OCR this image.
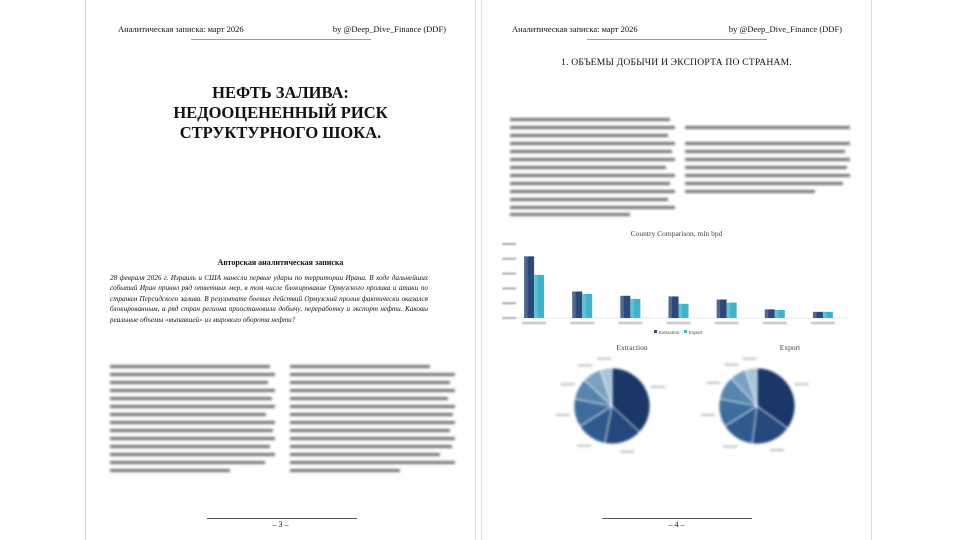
Аналитическая записка: март 2026	by @Deep_Dive_Finance (DDF)
НЕФТЬ ЗАЛИВА:
НЕДООЦЕНЕННЫЙ РИСК
СТРУКТУРНОГО ШОКА.
Авторская аналитическая записка
28 февраля 2026 г. Израиль и США нанесли первые удары по территории Ирана. В ходе дальнейших событий Иран принял ряд ответных мер, в том числе блокирование Ормузского пролива и атаки по странам Персидского залива. В результате боевых действий Ормузский пролив фактически оказался блокированным, а ряд стран региона приостановили добычу, переработку и экспорт нефти. Каковы реальные объемы «выпавшей» из мирового оборота нефти?
– 3 –
Аналитическая записка: март 2026	by @Deep_Dive_Finance (DDF)
1. ОБЪЕМЫ ДОБЫЧИ И ЭКСПОРТА ПО СТРАНАМ.
Country Comparison, mln bpd
Extraction Export
Extraction	Export
– 4 –
